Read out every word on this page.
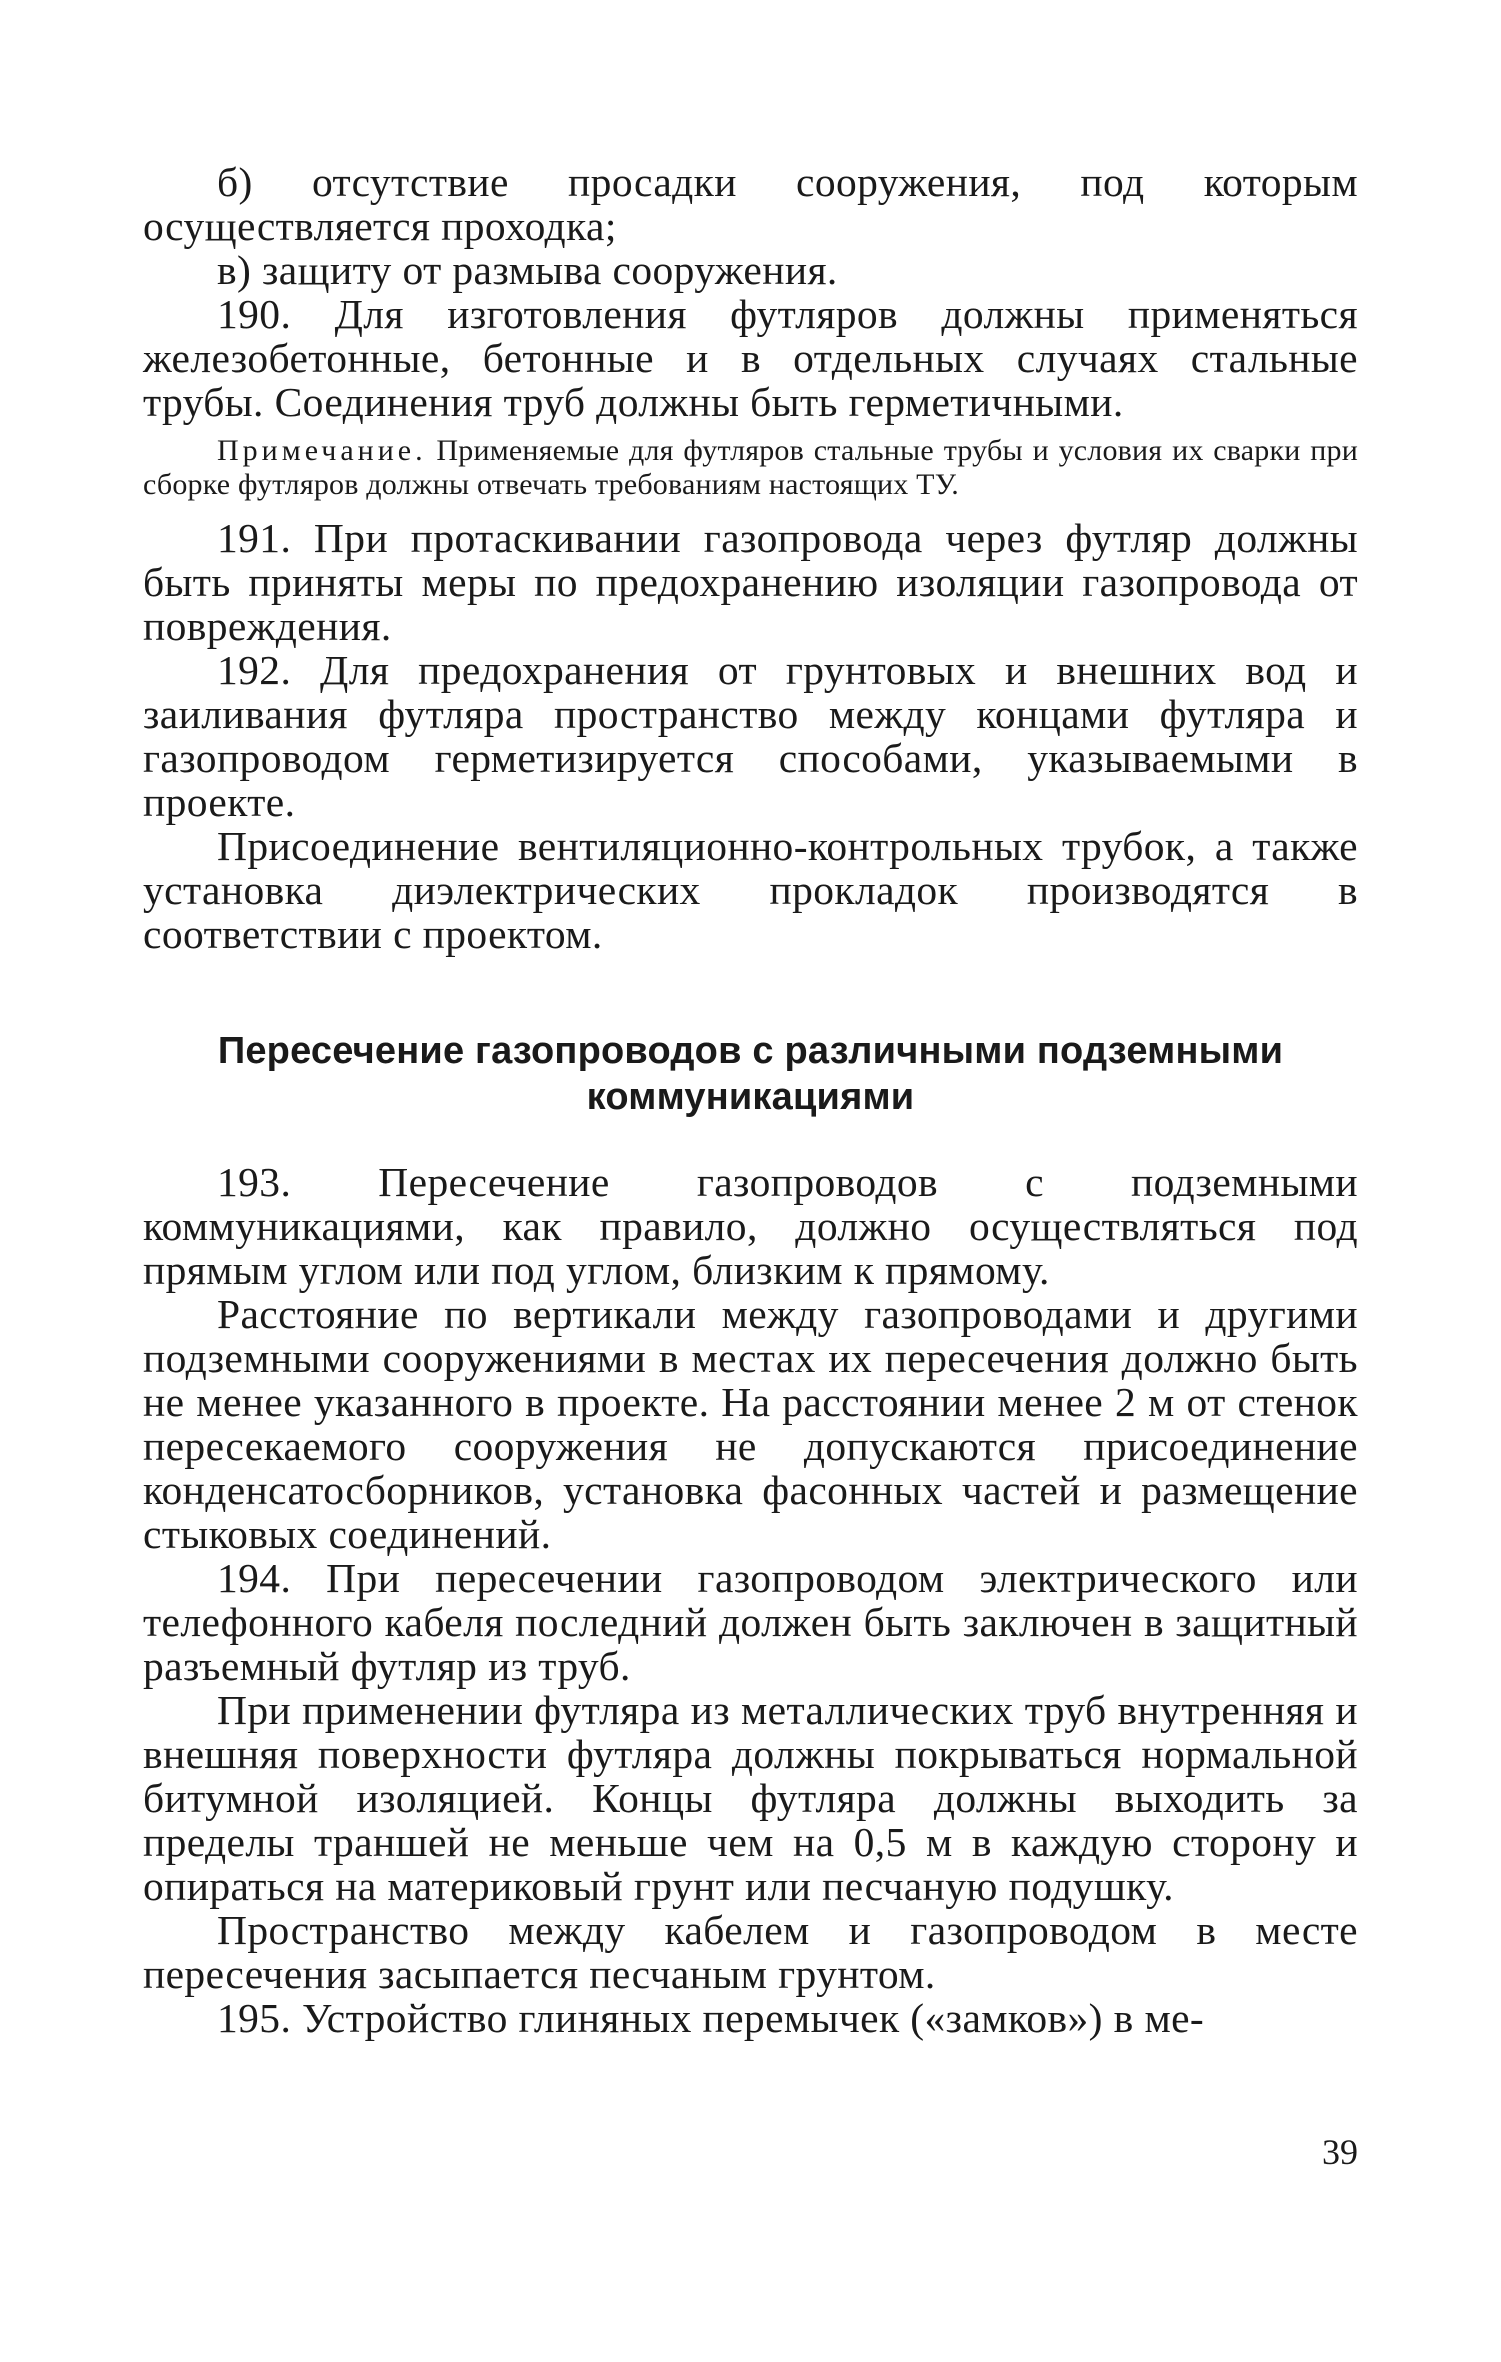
б) отсутствие просадки сооружения, под которым осуществляется проходка;

в) защиту от размыва сооружения.

190. Для изготовления футляров должны применяться железобетонные, бетонные и в отдельных случаях стальные трубы. Соединения труб должны быть герметичными.

Примечание. Применяемые для футляров стальные трубы и условия их сварки при сборке футляров должны отвечать требованиям настоящих ТУ.

191. При протаскивании газопровода через футляр должны быть приняты меры по предохранению изоляции газопровода от повреждения.

192. Для предохранения от грунтовых и внешних вод и заиливания футляра пространство между концами футляра и газопроводом герметизируется способами, указываемыми в проекте.

Присоединение вентиляционно-контрольных трубок, а также установка диэлектрических прокладок производятся в соответствии с проектом.

Пересечение газопроводов с различными подземными коммуникациями

193. Пересечение газопроводов с подземными коммуникациями, как правило, должно осуществляться под прямым углом или под углом, близким к прямому.

Расстояние по вертикали между газопроводами и другими подземными сооружениями в местах их пересечения должно быть не менее указанного в проекте. На расстоянии менее 2 м от стенок пересекаемого сооружения не допускаются присоединение конденсатосборников, установка фасонных частей и размещение стыковых соединений.

194. При пересечении газопроводом электрического или телефонного кабеля последний должен быть заключен в защитный разъемный футляр из труб.

При применении футляра из металлических труб внутренняя и внешняя поверхности футляра должны покрываться нормальной битумной изоляцией. Концы футляра должны выходить за пределы траншей не меньше чем на 0,5 м в каждую сторону и опираться на материковый грунт или песчаную подушку.

Пространство между кабелем и газопроводом в месте пересечения засыпается песчаным грунтом.

195. Устройство глиняных перемычек («замков») в ме-

39
